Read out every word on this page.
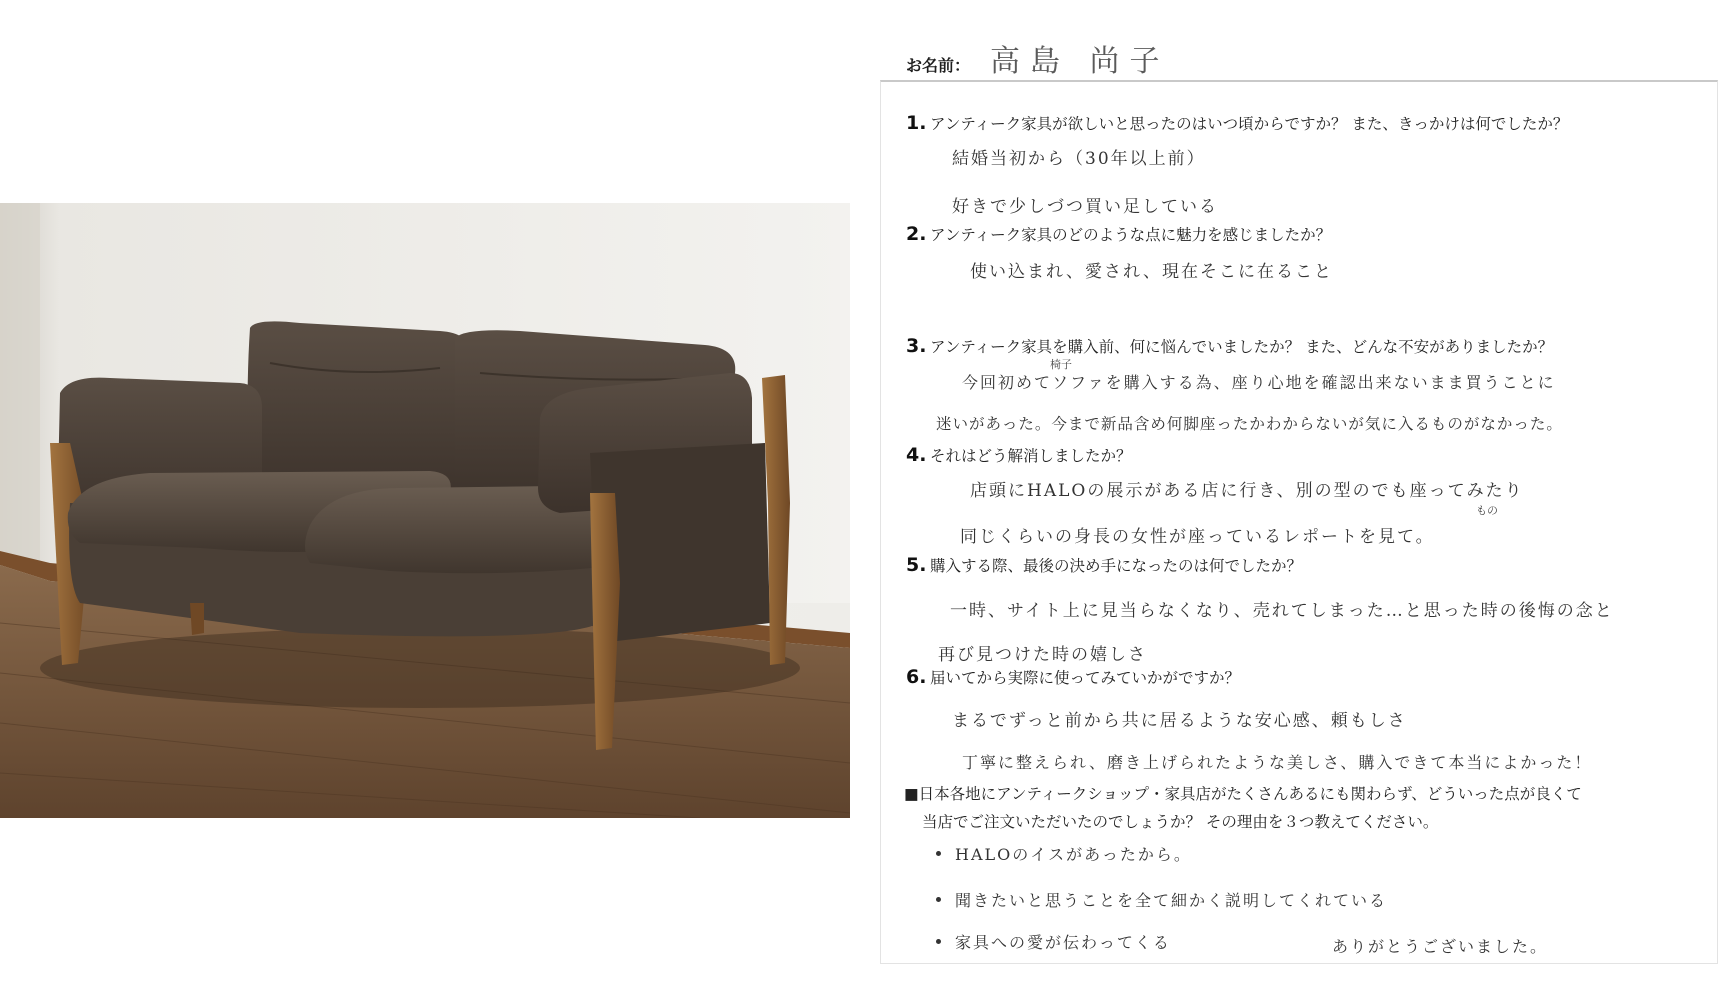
お名前： 高島 尚子
1. アンティーク家具が欲しいと思ったのはいつ頃からですか？ また、きっかけは何でしたか？
結婚当初から（30年以上前）
好きで少しづつ買い足している
2. アンティーク家具のどのような点に魅力を感じましたか？
使い込まれ、愛され、現在そこに在ること
3. アンティーク家具を購入前、何に悩んでいましたか？ また、どんな不安がありましたか？
椅子
今回初めてソファを購入する為、座り心地を確認出来ないまま買うことに
迷いがあった。今まで新品含め何脚座ったかわからないが気に入るものがなかった。
4. それはどう解消しましたか？
店頭にHALOの展示がある店に行き、別の型のでも座ってみたり
もの
同じくらいの身長の女性が座っているレポートを見て。
5. 購入する際、最後の決め手になったのは何でしたか？
一時、サイト上に見当らなくなり、売れてしまった…と思った時の後悔の念と
再び見つけた時の嬉しさ
6. 届いてから実際に使ってみていかがですか？
まるでずっと前から共に居るような安心感、頼もしさ
丁寧に整えられ、磨き上げられたような美しさ、購入できて本当によかった！
■日本各地にアンティークショップ・家具店がたくさんあるにも関わらず、どういった点が良くて
当店でご注文いただいたのでしょうか？ その理由を３つ教えてください。
HALOのイスがあったから。
聞きたいと思うことを全て細かく説明してくれている
家具への愛が伝わってくる	ありがとうございました。
